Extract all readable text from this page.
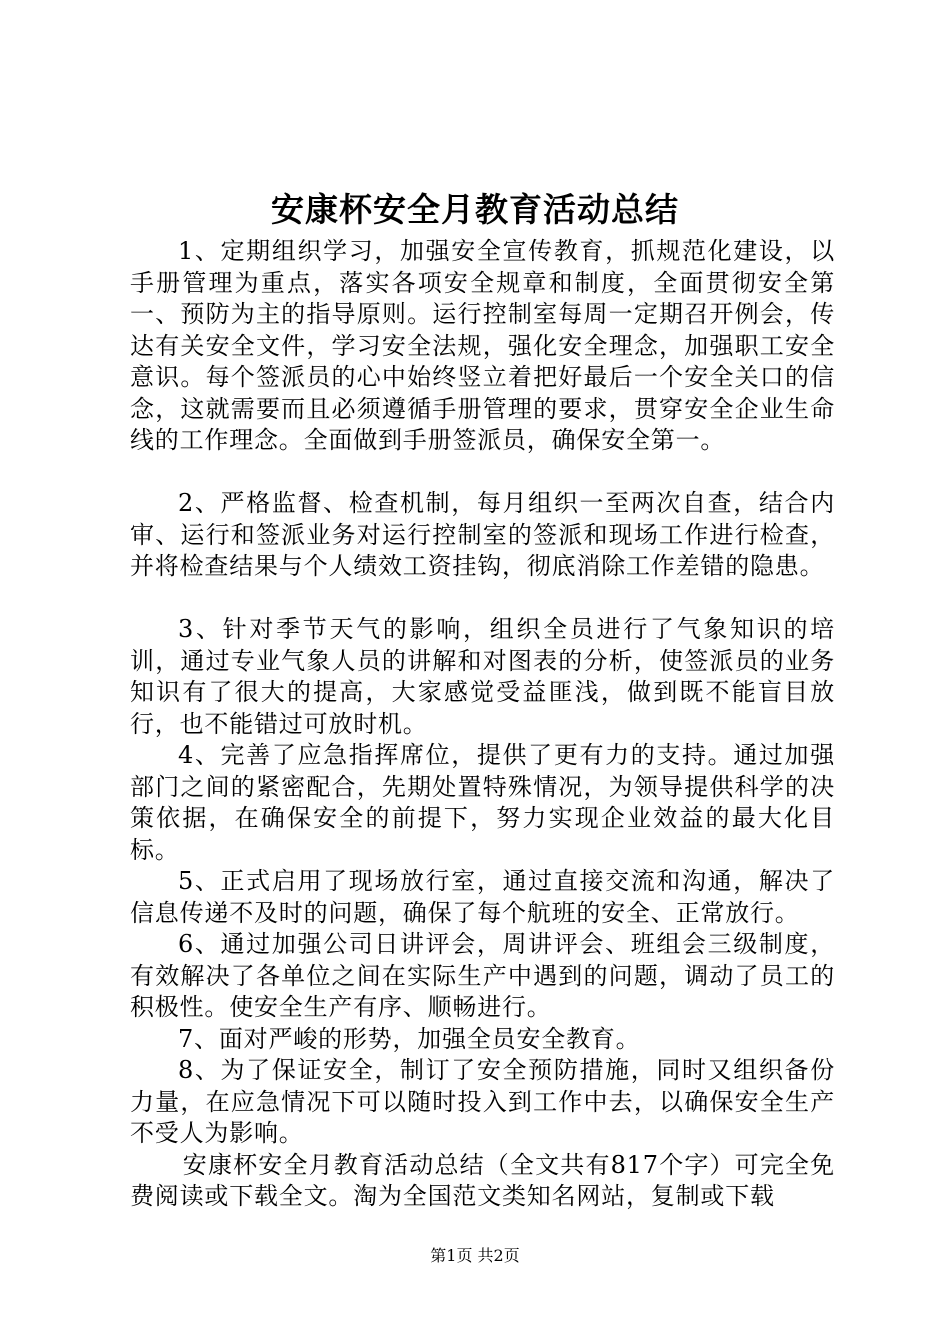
安康杯安全月教育活动总结

1、定期组织学习，加强安全宣传教育，抓规范化建设，以手册管理为重点，落实各项安全规章和制度，全面贯彻安全第一、预防为主的指导原则。运行控制室每周一定期召开例会，传达有关安全文件，学习安全法规，强化安全理念，加强职工安全意识。每个签派员的心中始终竖立着把好最后一个安全关口的信念，这就需要而且必须遵循手册管理的要求，贯穿安全企业生命线的工作理念。全面做到手册签派员，确保安全第一。

2、严格监督、检查机制，每月组织一至两次自查，结合内审、运行和签派业务对运行控制室的签派和现场工作进行检查，并将检查结果与个人绩效工资挂钩，彻底消除工作差错的隐患。

3、针对季节天气的影响，组织全员进行了气象知识的培训，通过专业气象人员的讲解和对图表的分析，使签派员的业务知识有了很大的提高，大家感觉受益匪浅，做到既不能盲目放行，也不能错过可放时机。

4、完善了应急指挥席位，提供了更有力的支持。通过加强部门之间的紧密配合，先期处置特殊情况，为领导提供科学的决策依据，在确保安全的前提下，努力实现企业效益的最大化目标。

5、正式启用了现场放行室，通过直接交流和沟通，解决了信息传递不及时的问题，确保了每个航班的安全、正常放行。

6、通过加强公司日讲评会，周讲评会、班组会三级制度，有效解决了各单位之间在实际生产中遇到的问题，调动了员工的积极性。使安全生产有序、顺畅进行。

7、面对严峻的形势，加强全员安全教育。

8、为了保证安全，制订了安全预防措施，同时又组织备份力量，在应急情况下可以随时投入到工作中去，以确保安全生产不受人为影响。

安康杯安全月教育活动总结（全文共有817个字）可完全免费阅读或下载全文。淘为全国范文类知名网站，复制或下载

第1页 共2页
